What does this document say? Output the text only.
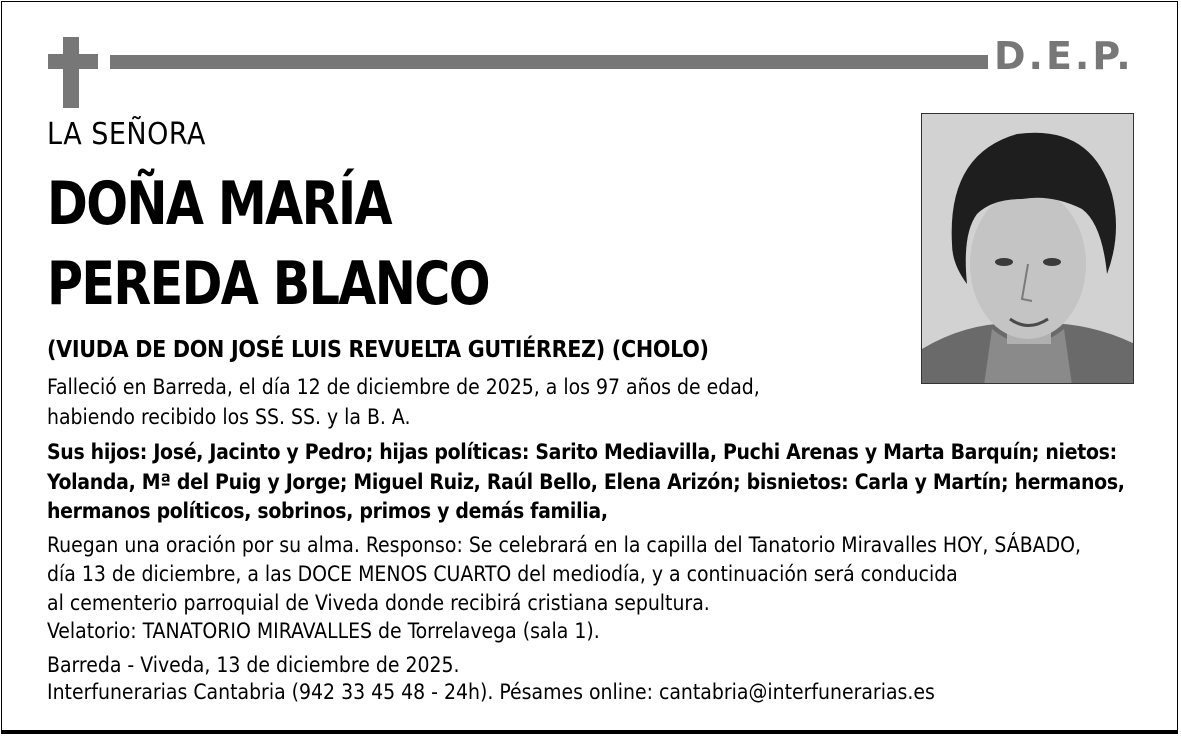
D.E.P.
LA SEÑORA
DOÑA MARÍA
PEREDA BLANCO
(VIUDA DE DON JOSÉ LUIS REVUELTA GUTIÉRREZ) (CHOLO)
Falleció en Barreda, el día 12 de diciembre de 2025, a los 97 años de edad,
habiendo recibido los SS. SS. y la B. A.
Sus hijos: José, Jacinto y Pedro; hijas políticas: Sarito Mediavilla, Puchi Arenas y Marta Barquín; nietos:
Yolanda, Mª del Puig y Jorge; Miguel Ruiz, Raúl Bello, Elena Arizón; bisnietos: Carla y Martín; hermanos,
hermanos políticos, sobrinos, primos y demás familia,
Ruegan una oración por su alma. Responso: Se celebrará en la capilla del Tanatorio Miravalles HOY, SÁBADO,
día 13 de diciembre, a las DOCE MENOS CUARTO del mediodía, y a continuación será conducida
al cementerio parroquial de Viveda donde recibirá cristiana sepultura.
Velatorio: TANATORIO MIRAVALLES de Torrelavega (sala 1).
Barreda - Viveda, 13 de diciembre de 2025.
Interfunerarias Cantabria (942 33 45 48 - 24h). Pésames online: cantabria@interfunerarias.es
